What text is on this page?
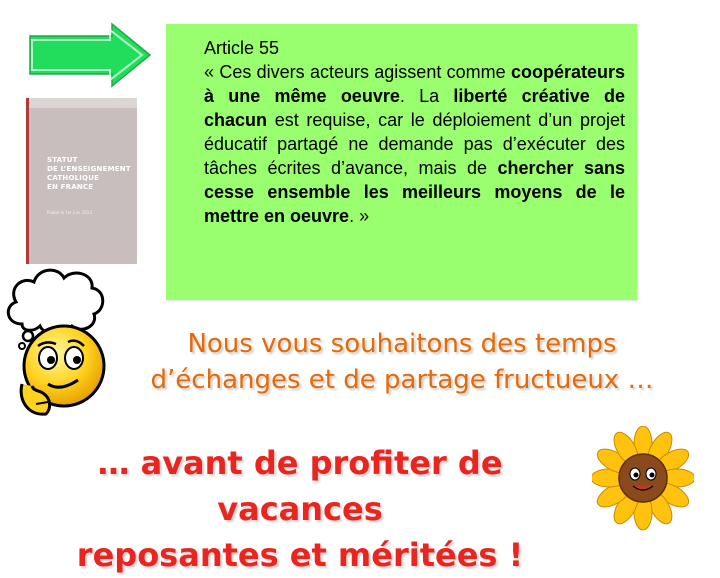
STATUT
DE L’ENSEIGNEMENT
CATHOLIQUE
EN FRANCE
Publié le 1er juin 2013
Article 55
« Ces divers acteurs agissent comme coopérateurs à une même oeuvre. La liberté créative de chacun est requise, car le déploiement d’un projet éducatif partagé ne demande pas d’exécuter des tâches écrites d’avance, mais de chercher sans cesse ensemble les meilleurs moyens de le mettre en oeuvre. »
Nous vous souhaitons des temps
d’échanges et de partage fructueux …
… avant de profiter de vacances
reposantes et méritées !
